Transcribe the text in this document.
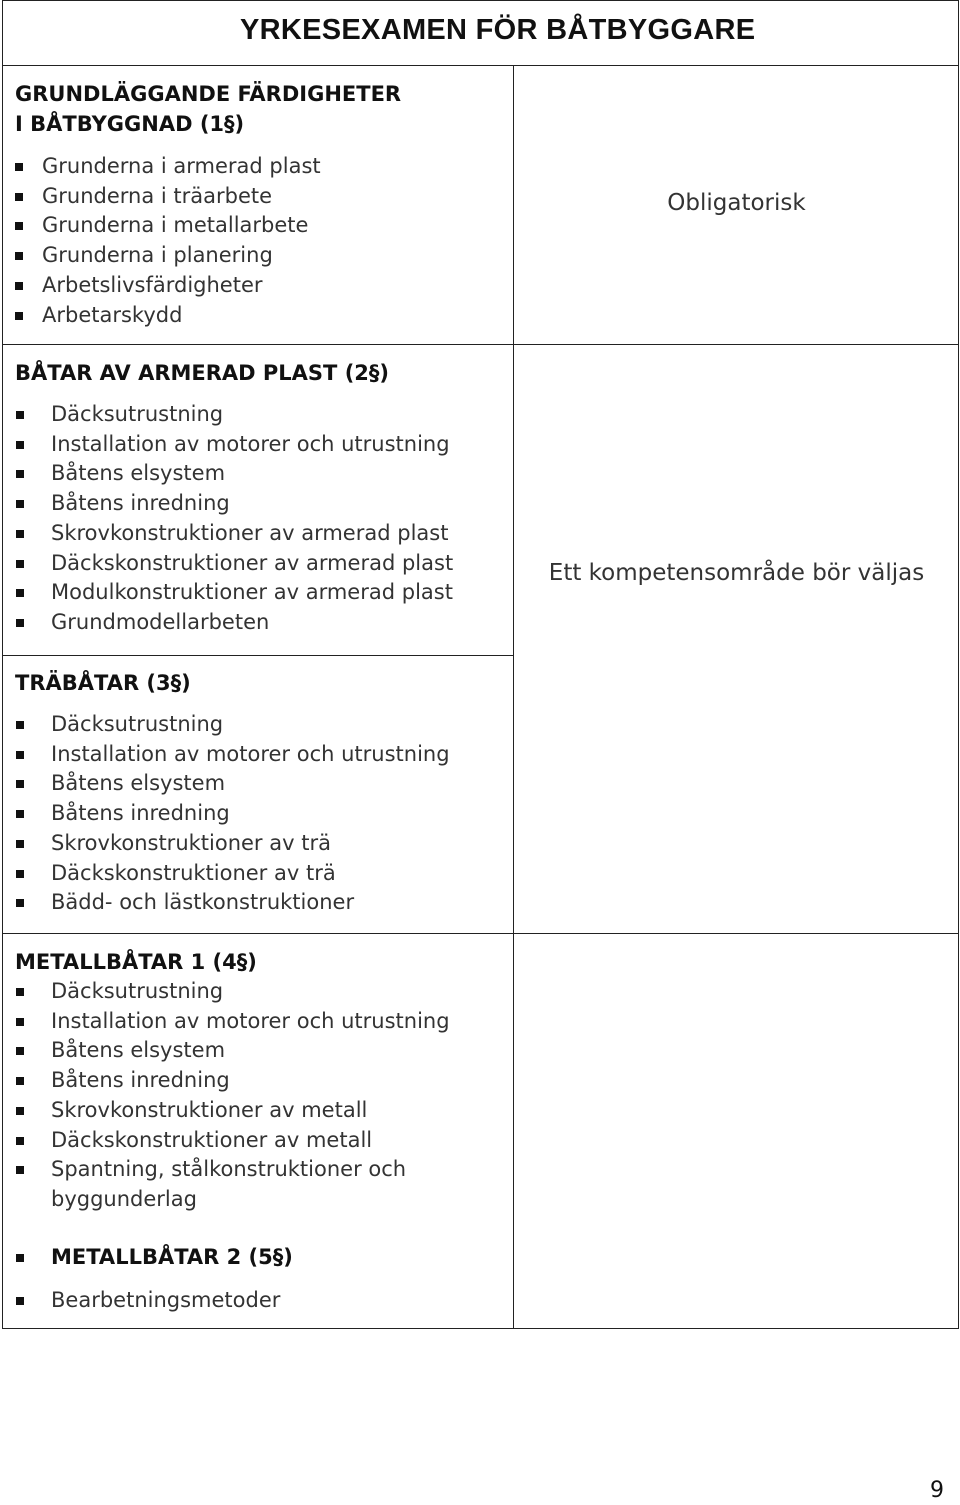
YRKESEXAMEN FÖR BÅTBYGGARE
GRUNDLÄGGANDE FÄRDIGHETER
I BÅTBYGGNAD (1§)
Grunderna i armerad plast
Grunderna i träarbete
Grunderna i metallarbete
Grunderna i planering
Arbetslivsfärdigheter
Arbetarskydd
Obligatorisk
BÅTAR AV ARMERAD PLAST (2§)
Däcksutrustning
Installation av motorer och utrustning
Båtens elsystem
Båtens inredning
Skrovkonstruktioner av armerad plast
Däckskonstruktioner av armerad plast
Modulkonstruktioner av armerad plast
Grundmodellarbeten
Ett kompetensområde bör väljas
TRÄBÅTAR (3§)
Däcksutrustning
Installation av motorer och utrustning
Båtens elsystem
Båtens inredning
Skrovkonstruktioner av trä
Däckskonstruktioner av trä
Bädd- och lästkonstruktioner
METALLBÅTAR 1 (4§)
Däcksutrustning
Installation av motorer och utrustning
Båtens elsystem
Båtens inredning
Skrovkonstruktioner av metall
Däckskonstruktioner av metall
Spantning, stålkonstruktioner och
byggunderlag
METALLBÅTAR 2 (5§)
Bearbetningsmetoder
9
